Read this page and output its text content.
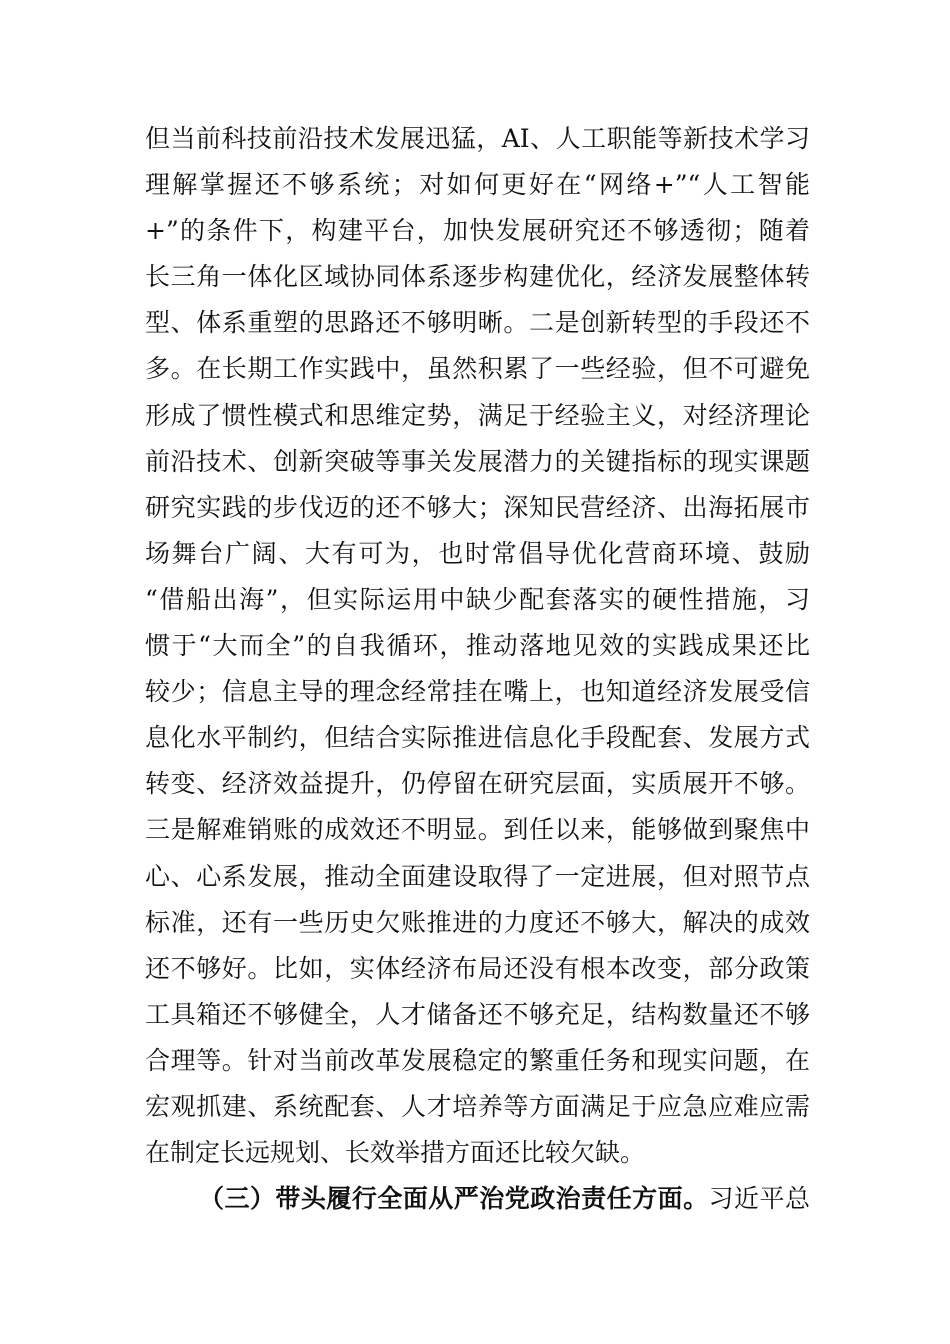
但当前科技前沿技术发展迅猛，AI、人工职能等新技术学习
理解掌握还不够系统；对如何更好在“网络+”“人工智能
+”的条件下，构建平台，加快发展研究还不够透彻；随着
长三角一体化区域协同体系逐步构建优化，经济发展整体转
型、体系重塑的思路还不够明晰。二是创新转型的手段还不
多。在长期工作实践中，虽然积累了一些经验，但不可避免
形成了惯性模式和思维定势，满足于经验主义，对经济理论
前沿技术、创新突破等事关发展潜力的关键指标的现实课题
研究实践的步伐迈的还不够大；深知民营经济、出海拓展市
场舞台广阔、大有可为，也时常倡导优化营商环境、鼓励
“借船出海”，但实际运用中缺少配套落实的硬性措施，习
惯于“大而全”的自我循环，推动落地见效的实践成果还比
较少；信息主导的理念经常挂在嘴上，也知道经济发展受信
息化水平制约，但结合实际推进信息化手段配套、发展方式
转变、经济效益提升，仍停留在研究层面，实质展开不够。
三是解难销账的成效还不明显。到任以来，能够做到聚焦中
心、心系发展，推动全面建设取得了一定进展，但对照节点
标准，还有一些历史欠账推进的力度还不够大，解决的成效
还不够好。比如，实体经济布局还没有根本改变，部分政策
工具箱还不够健全，人才储备还不够充足，结构数量还不够
合理等。针对当前改革发展稳定的繁重任务和现实问题，在
宏观抓建、系统配套、人才培养等方面满足于应急应难应需
在制定长远规划、长效举措方面还比较欠缺。
（三）带头履行全面从严治党政治责任方面。习近平总
